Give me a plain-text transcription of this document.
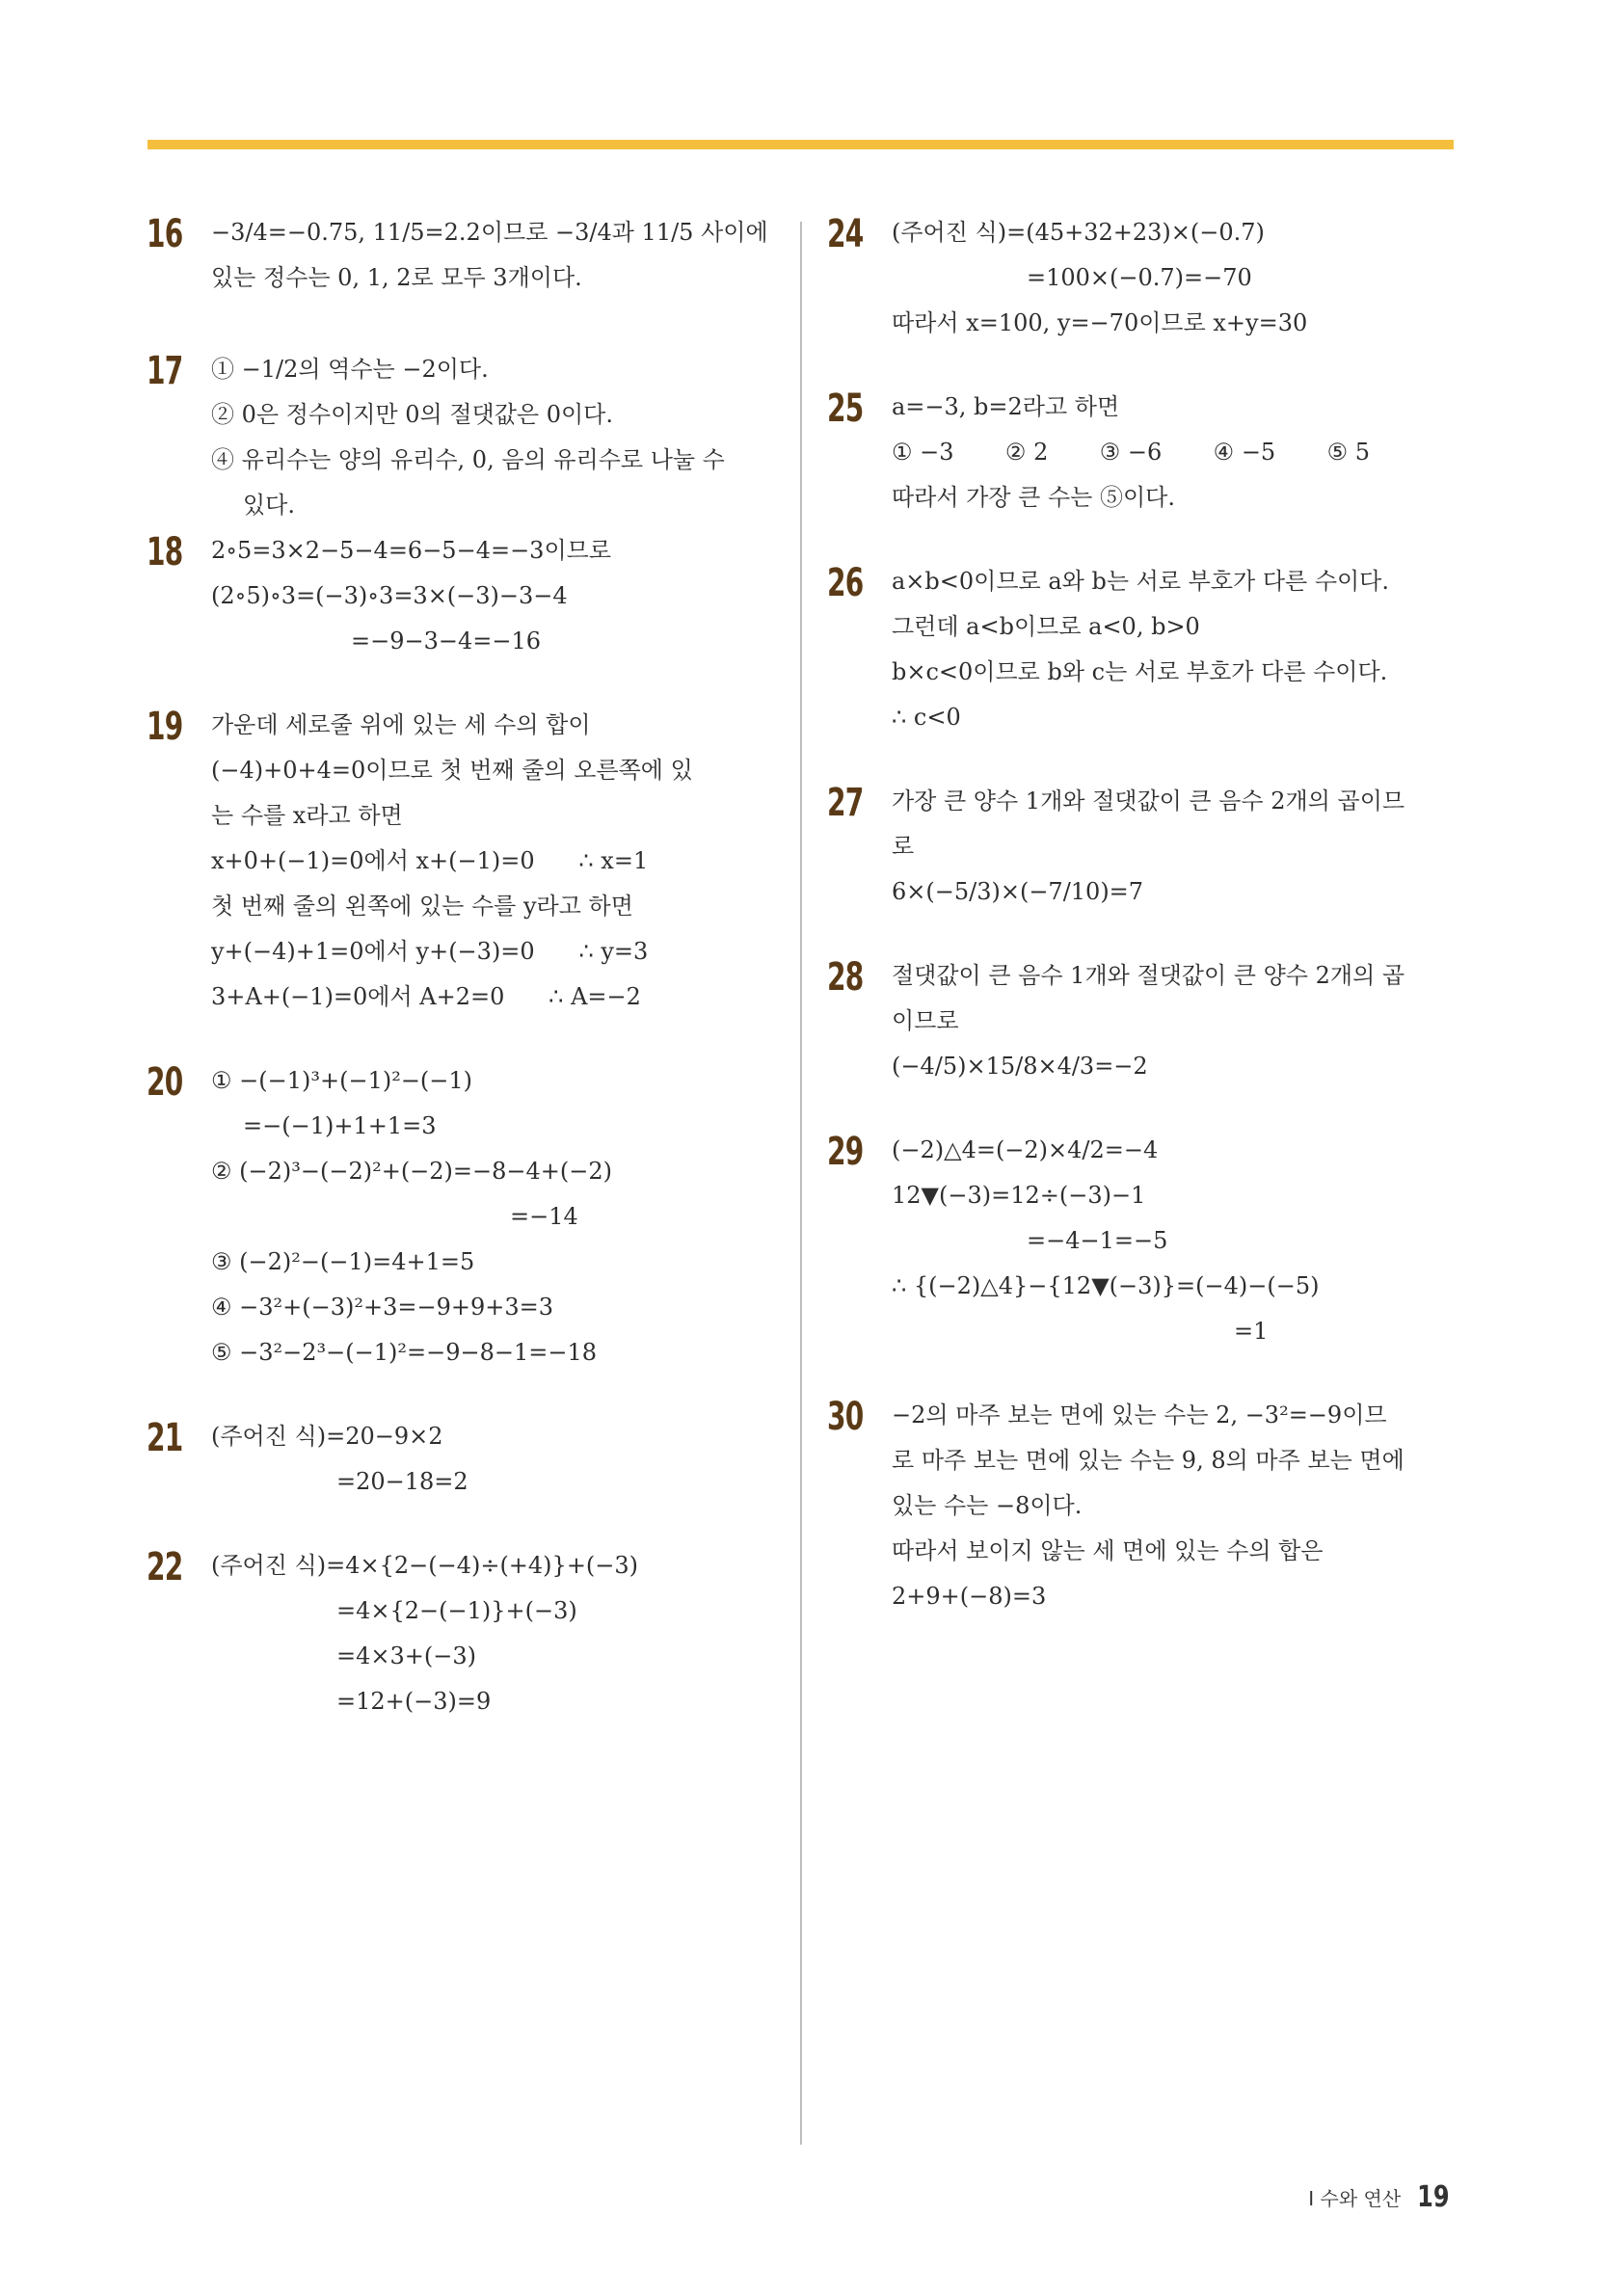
16 −3/4=−0.75, 11/5=2.2이므로 −3/4과 11/5 사이에
있는 정수는 0, 1, 2로 모두 3개이다.
17 ① −1/2의 역수는 −2이다.
② 0은 정수이지만 0의 절댓값은 0이다.
④ 유리수는 양의 유리수, 0, 음의 유리수로 나눌 수
있다.
18 2∘5=3×2−5−4=6−5−4=−3이므로
(2∘5)∘3=(−3)∘3=3×(−3)−3−4
=−9−3−4=−16
19 가운데 세로줄 위에 있는 세 수의 합이
(−4)+0+4=0이므로 첫 번째 줄의 오른쪽에 있
는 수를 x라고 하면
x+0+(−1)=0에서 x+(−1)=0      ∴ x=1
첫 번째 줄의 왼쪽에 있는 수를 y라고 하면
y+(−4)+1=0에서 y+(−3)=0      ∴ y=3
3+A+(−1)=0에서 A+2=0      ∴ A=−2
20 ① −(−1)³+(−1)²−(−1)
=−(−1)+1+1=3
② (−2)³−(−2)²+(−2)=−8−4+(−2)
=−14
③ (−2)²−(−1)=4+1=5
④ −3²+(−3)²+3=−9+9+3=3
⑤ −3²−2³−(−1)²=−9−8−1=−18
21 (주어진 식)=20−9×2
=20−18=2
22 (주어진 식)=4×{2−(−4)÷(+4)}+(−3)
=4×{2−(−1)}+(−3)
=4×3+(−3)
=12+(−3)=9
24 (주어진 식)=(45+32+23)×(−0.7)
=100×(−0.7)=−70
따라서 x=100, y=−70이므로 x+y=30
25 a=−3, b=2라고 하면
① −3       ② 2       ③ −6       ④ −5       ⑤ 5
따라서 가장 큰 수는 ⑤이다.
26 a×b<0이므로 a와 b는 서로 부호가 다른 수이다.
그런데 a<b이므로 a<0, b>0
b×c<0이므로 b와 c는 서로 부호가 다른 수이다.
∴ c<0
27 가장 큰 양수 1개와 절댓값이 큰 음수 2개의 곱이므
로
6×(−5/3)×(−7/10)=7
28 절댓값이 큰 음수 1개와 절댓값이 큰 양수 2개의 곱
이므로
(−4/5)×15/8×4/3=−2
29 (−2)△4=(−2)×4/2=−4
12▼(−3)=12÷(−3)−1
=−4−1=−5
∴ {(−2)△4}−{12▼(−3)}=(−4)−(−5)
=1
30 −2의 마주 보는 면에 있는 수는 2, −3²=−9이므
로 마주 보는 면에 있는 수는 9, 8의 마주 보는 면에
있는 수는 −8이다.
따라서 보이지 않는 세 면에 있는 수의 합은
2+9+(−8)=3
I 수와 연산 19
